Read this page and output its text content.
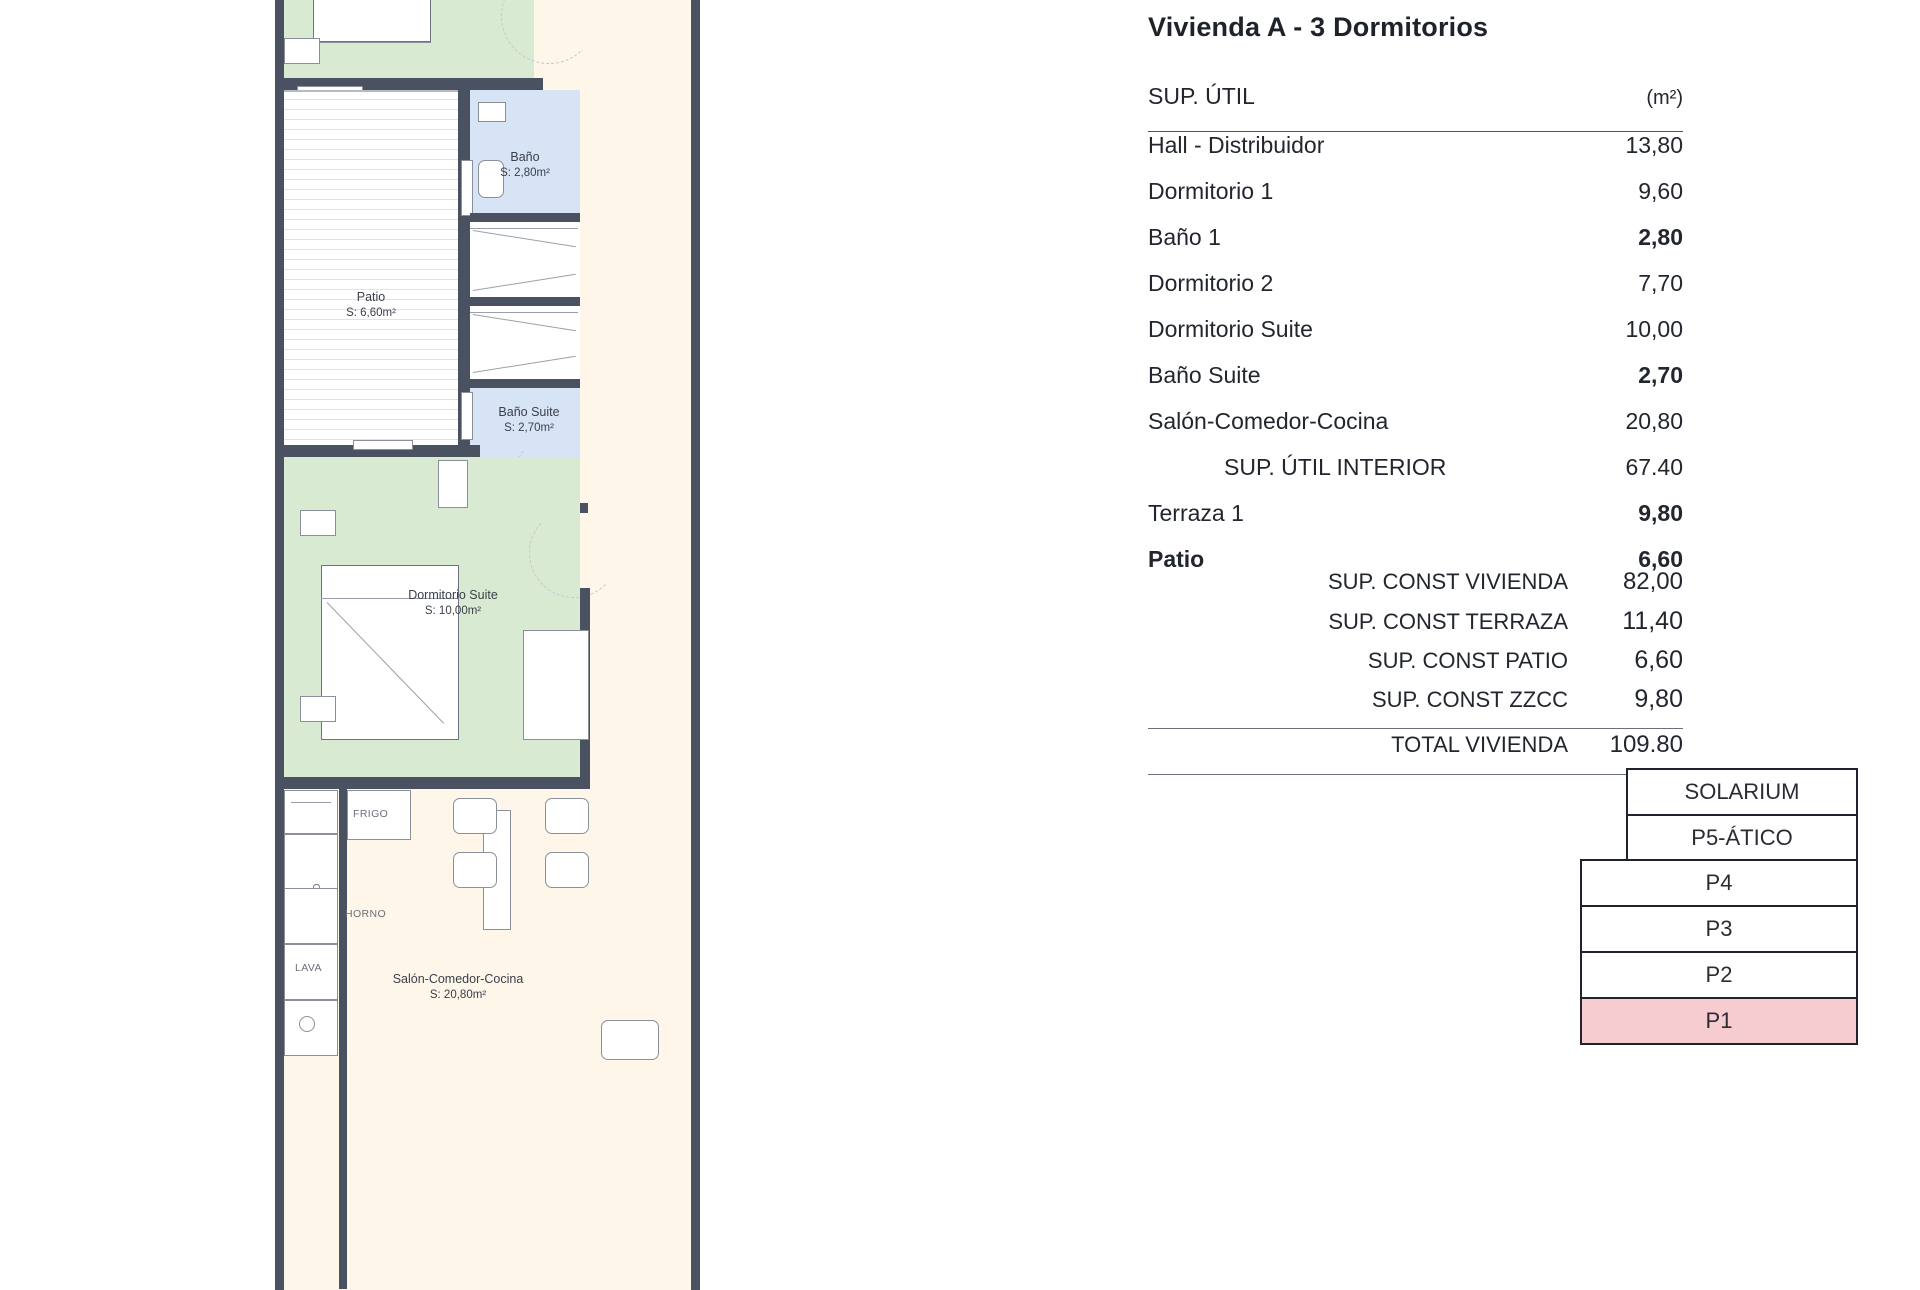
Patio
S: 6,60m²
Baño
S: 2,80m²
Baño Suite
S: 2,70m²
Dormitorio Suite
S: 10,00m²
FRIGO
HORNO
LAVA
Salón-Comedor-Cocina
S: 20,80m²
Vivienda A - 3 Dormitorios
SUP. ÚTIL	(m²)
Hall - Distribuidor	13,80
Dormitorio 1	9,60
Baño 1	2,80
Dormitorio 2	7,70
Dormitorio Suite	10,00
Baño Suite	2,70
Salón-Comedor-Cocina	20,80
SUP. ÚTIL INTERIOR	67.40
Terraza 1	9,80
Patio	6,60
SUP. CONST VIVIENDA 82,00
SUP. CONST TERRAZA 11,40
SUP. CONST PATIO	6,60
SUP. CONST ZZCC	9,80
TOTAL VIVIENDA 109.80
SOLARIUM
P5-ÁTICO
P4
P3
P2
P1
